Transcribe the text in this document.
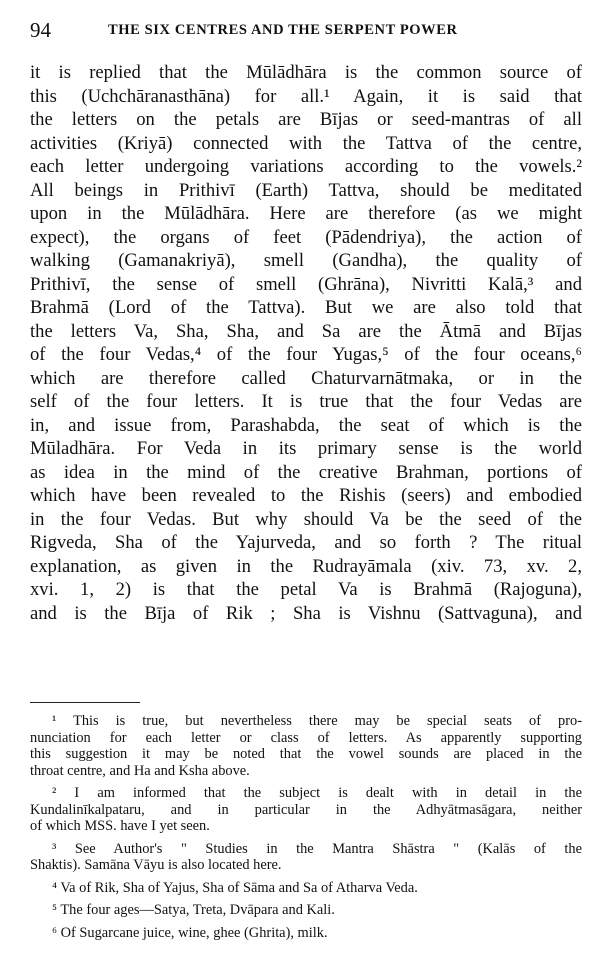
94	THE SIX CENTRES AND THE SERPENT POWER
it is replied that the Mūlādhāra is the common source of
this (Uchchāranasthāna) for all.¹ Again, it is said that
the letters on the petals are Bījas or seed-mantras of all
activities (Kriyā) connected with the Tattva of the centre,
each letter undergoing variations according to the vowels.²
All beings in Prithivī (Earth) Tattva, should be meditated
upon in the Mūlādhāra. Here are therefore (as we might
expect), the organs of feet (Pādendriya), the action of
walking (Gamanakriyā), smell (Gandha), the quality of
Prithivī, the sense of smell (Ghrāna), Nivritti Kalā,³ and
Brahmā (Lord of the Tattva). But we are also told that
the letters Va, Sha, Sha, and Sa are the Ātmā and Bījas
of the four Vedas,⁴ of the four Yugas,⁵ of the four oceans,⁶
which are therefore called Chaturvarnātmaka, or in the
self of the four letters. It is true that the four Vedas are
in, and issue from, Parashabda, the seat of which is the
Mūladhāra. For Veda in its primary sense is the world
as idea in the mind of the creative Brahman, portions of
which have been revealed to the Rishis (seers) and embodied
in the four Vedas. But why should Va be the seed of the
Rigveda, Sha of the Yajurveda, and so forth ? The ritual
explanation, as given in the Rudrayāmala (xiv. 73, xv. 2,
xvi. 1, 2) is that the petal Va is Brahmā (Rajoguna),
and is the Bīja of Rik ; Sha is Vishnu (Sattvaguna), and
¹ This is true, but nevertheless there may be special seats of pro-
nunciation for each letter or class of letters. As apparently supporting
this suggestion it may be noted that the vowel sounds are placed in the
throat centre, and Ha and Ksha above.
² I am informed that the subject is dealt with in detail in the
Kundalinīkalpataru, and in particular in the Adhyātmasāgara, neither
of which MSS. have I yet seen.
³ See Author's " Studies in the Mantra Shāstra " (Kalās of the
Shaktis). Samāna Vāyu is also located here.
⁴ Va of Rik, Sha of Yajus, Sha of Sāma and Sa of Atharva Veda.
⁵ The four ages—Satya, Treta, Dvāpara and Kali.
⁶ Of Sugarcane juice, wine, ghee (Ghrita), milk.
